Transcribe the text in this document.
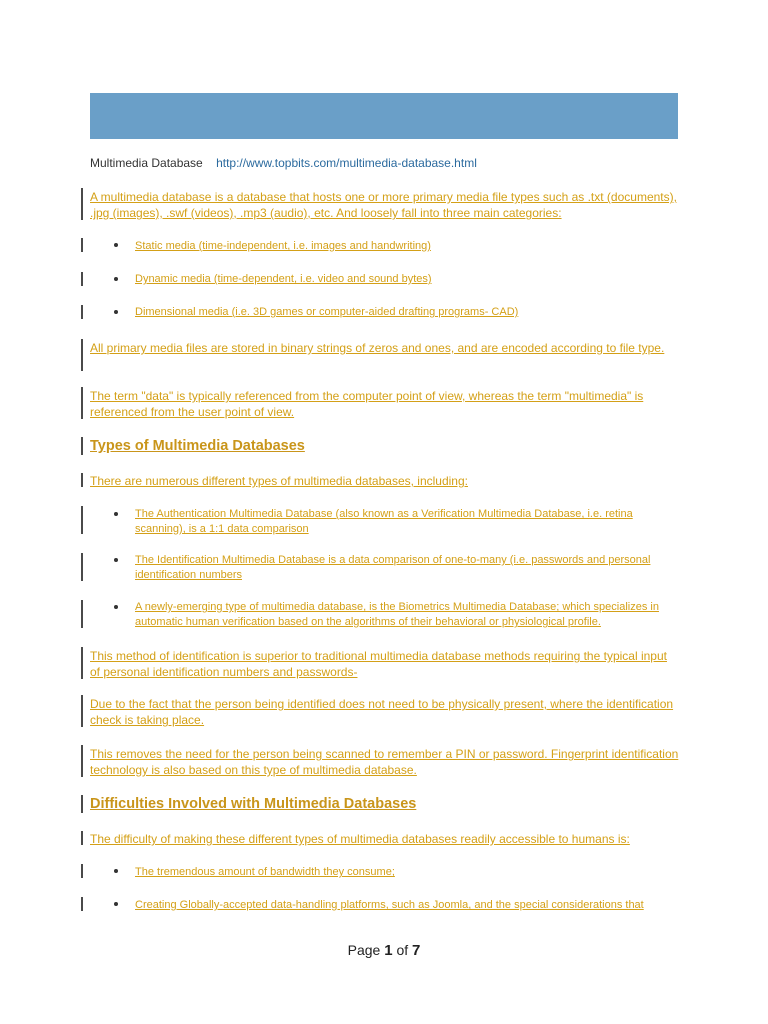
Multimedia Database http://www.topbits.com/multimedia-database.html
A multimedia database is a database that hosts one or more primary media file types such as .txt (documents), .jpg (images), .swf (videos), .mp3 (audio), etc. And loosely fall into three main categories:
Static media (time-independent, i.e. images and handwriting)
Dynamic media (time-dependent, i.e. video and sound bytes)
Dimensional media (i.e. 3D games or computer-aided drafting programs- CAD)
All primary media files are stored in binary strings of zeros and ones, and are encoded according to file type.
The term "data" is typically referenced from the computer point of view, whereas the term "multimedia" is referenced from the user point of view.
Types of Multimedia Databases
There are numerous different types of multimedia databases, including:
The Authentication Multimedia Database (also known as a Verification Multimedia Database, i.e. retina scanning), is a 1:1 data comparison
The Identification Multimedia Database is a data comparison of one-to-many (i.e. passwords and personal identification numbers
A newly-emerging type of multimedia database, is the Biometrics Multimedia Database; which specializes in automatic human verification based on the algorithms of their behavioral or physiological profile.
This method of identification is superior to traditional multimedia database methods requiring the typical input of personal identification numbers and passwords-
Due to the fact that the person being identified does not need to be physically present, where the identification check is taking place.
This removes the need for the person being scanned to remember a PIN or password. Fingerprint identification technology is also based on this type of multimedia database.
Difficulties Involved with Multimedia Databases
The difficulty of making these different types of multimedia databases readily accessible to humans is:
The tremendous amount of bandwidth they consume;
Creating Globally-accepted data-handling platforms, such as Joomla, and the special considerations that
Page 1 of 7
